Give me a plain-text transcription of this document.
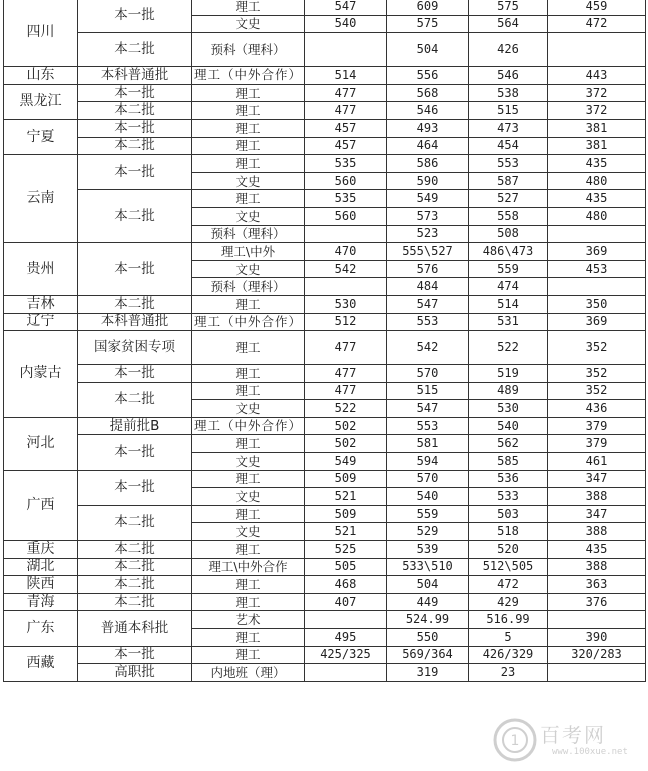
四川	本一批	理工	547	609	575	459
		文史	540	575	564	472
	本二批	预科（理科）		504	426	
山东	本科普通批	理工（中外合作）	514	556	546	443
黑龙江	本一批	理工	477	568	538	372
	本二批	理工	477	546	515	372
宁夏	本一批	理工	457	493	473	381
	本二批	理工	457	464	454	381
云南	本一批	理工	535	586	553	435
		文史	560	590	587	480
	本二批	理工	535	549	527	435
		文史	560	573	558	480
		预科（理科）		523	508	
贵州	本一批	理工\中外	470	555\527	486\473	369
		文史	542	576	559	453
		预科（理科）		484	474	
吉林	本二批	理工	530	547	514	350
辽宁	本科普通批	理工（中外合作）	512	553	531	369
内蒙古	国家贫困专项	理工	477	542	522	352
	本一批	理工	477	570	519	352
	本二批	理工	477	515	489	352
		文史	522	547	530	436
河北	提前批B	理工（中外合作）	502	553	540	379
	本一批	理工	502	581	562	379
		文史	549	594	585	461
广西	本一批	理工	509	570	536	347
		文史	521	540	533	388
	本二批	理工	509	559	503	347
		文史	521	529	518	388
重庆	本二批	理工	525	539	520	435
湖北	本二批	理工\中外合作	505	533\510	512\505	388
陕西	本二批	理工	468	504	472	363
青海	本二批	理工	407	449	429	376
广东	普通本科批	艺术		524.99	516.99	
		理工	495	550	5	390
西藏	本一批	理工	425/325	569/364	426/329	320/283
	高职批	内地班（理）		319	23	
1 百考网
www.100xue.net
